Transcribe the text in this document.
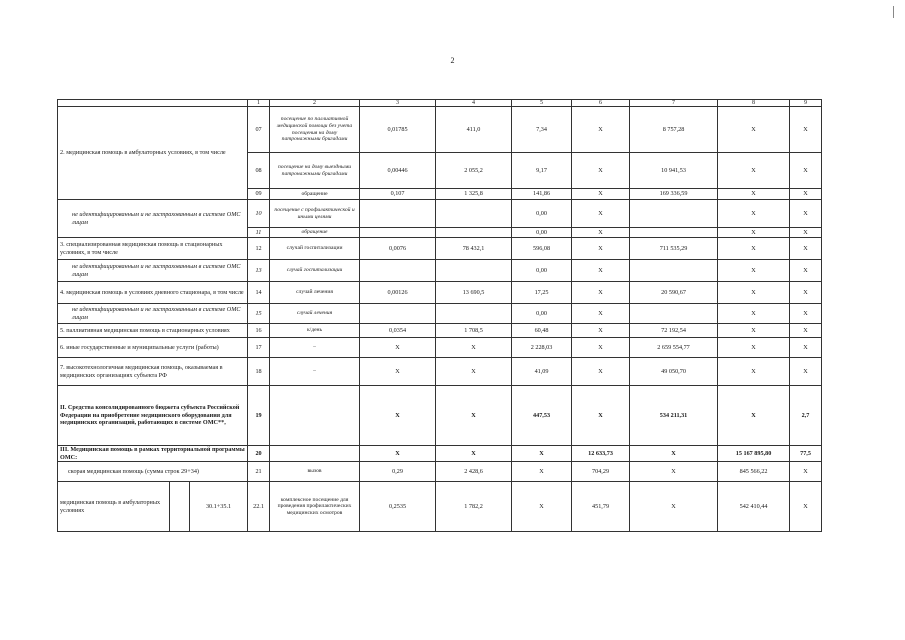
2
			1	2	3	4	5	6	7	8	9
2. медицинская помощь в амбулаторных условиях, в том числе			07	посещение по паллиативной медицинской помощи без учета посещения на дому патронажными бригадами	0,01785	411,0	7,34	Х	8 757,28	Х	Х
			08	посещение на дому выездными патронажными бригадами	0,00446	2 055,2	9,17	Х	10 941,53	Х	Х
			09	обращение	0,107	1 325,8	141,86	Х	169 336,59	Х	Х
не идентифицированным и не застрахованным в системе ОМС лицам			10	посещение с профилактической и иными целями			0,00	Х		Х	Х
			11	обращение			0,00	Х		Х	Х
3. специализированная медицинская помощь в стационарных условиях, в том числе			12	случай госпитализации	0,0076	78 432,1	596,08	Х	711 535,29	Х	Х
не идентифицированным и не застрахованным в системе ОМС лицам			13	случай госпитализации			0,00	Х		Х	Х
4. медицинская помощь в условиях дневного стационара, в том числе			14	случай лечения	0,00126	13 690,5	17,25	Х	20 590,67	Х	Х
не идентифицированным и не застрахованным в системе ОМС лицам			15	случай лечения			0,00	Х		Х	Х
5. паллиативная медицинская помощь в стационарных условиях			16	к/день	0,0354	1 708,5	60,48	Х	72 192,54	Х	Х
6. иные государственные и муниципальные услуги (работы)			17	–	Х	Х	2 228,03	Х	2 659 554,77	Х	Х
7. высокотехнологичная медицинская помощь, оказываемая в медицинских организациях субъекта РФ			18	–	Х	Х	41,09	Х	49 050,70	Х	Х
II. Средства консолидированного бюджета субъекта Российской Федерации на приобретение медицинского оборудования для медицинских организаций, работающих в системе ОМС**,			19		Х	Х	447,53	Х	534 211,31	Х	2,7
III. Медицинская помощь в рамках территориальной программы ОМС:			20		Х	Х	Х	12 633,73	Х	15 167 895,80	77,5
скорая медицинская помощь (сумма строк 29+34)			21	вызов	0,29	2 428,6	Х	704,29	Х	845 566,22	Х
медицинская помощь в амбулаторных условиях		30.1+35.1	22.1	комплексное посещение для проведения профилактических медицинских осмотров	0,2535	1 782,2	Х	451,79	Х	542 410,44	Х
